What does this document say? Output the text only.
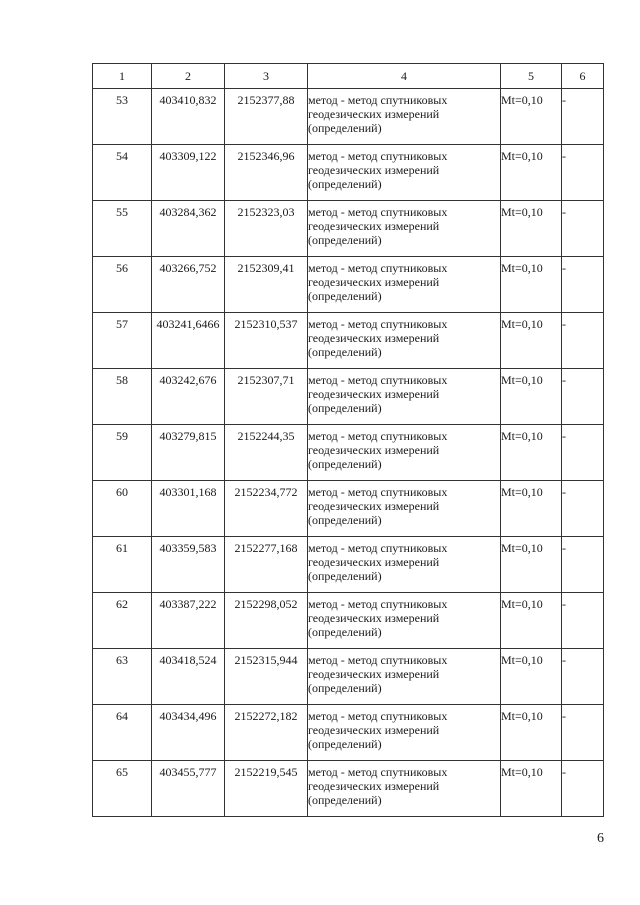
1	2	3	4	5	6
53	403410,832	2152377,88	метод - метод спутниковых геодезических измерений (определений)	Mt=0,10	-
54	403309,122	2152346,96	метод - метод спутниковых геодезических измерений (определений)	Mt=0,10	-
55	403284,362	2152323,03	метод - метод спутниковых геодезических измерений (определений)	Mt=0,10	-
56	403266,752	2152309,41	метод - метод спутниковых геодезических измерений (определений)	Mt=0,10	-
57	403241,6466	2152310,537	метод - метод спутниковых геодезических измерений (определений)	Mt=0,10	-
58	403242,676	2152307,71	метод - метод спутниковых геодезических измерений (определений)	Mt=0,10	-
59	403279,815	2152244,35	метод - метод спутниковых геодезических измерений (определений)	Mt=0,10	-
60	403301,168	2152234,772	метод - метод спутниковых геодезических измерений (определений)	Mt=0,10	-
61	403359,583	2152277,168	метод - метод спутниковых геодезических измерений (определений)	Mt=0,10	-
62	403387,222	2152298,052	метод - метод спутниковых геодезических измерений (определений)	Mt=0,10	-
63	403418,524	2152315,944	метод - метод спутниковых геодезических измерений (определений)	Mt=0,10	-
64	403434,496	2152272,182	метод - метод спутниковых геодезических измерений (определений)	Mt=0,10	-
65	403455,777	2152219,545	метод - метод спутниковых геодезических измерений (определений)	Mt=0,10	-
6
